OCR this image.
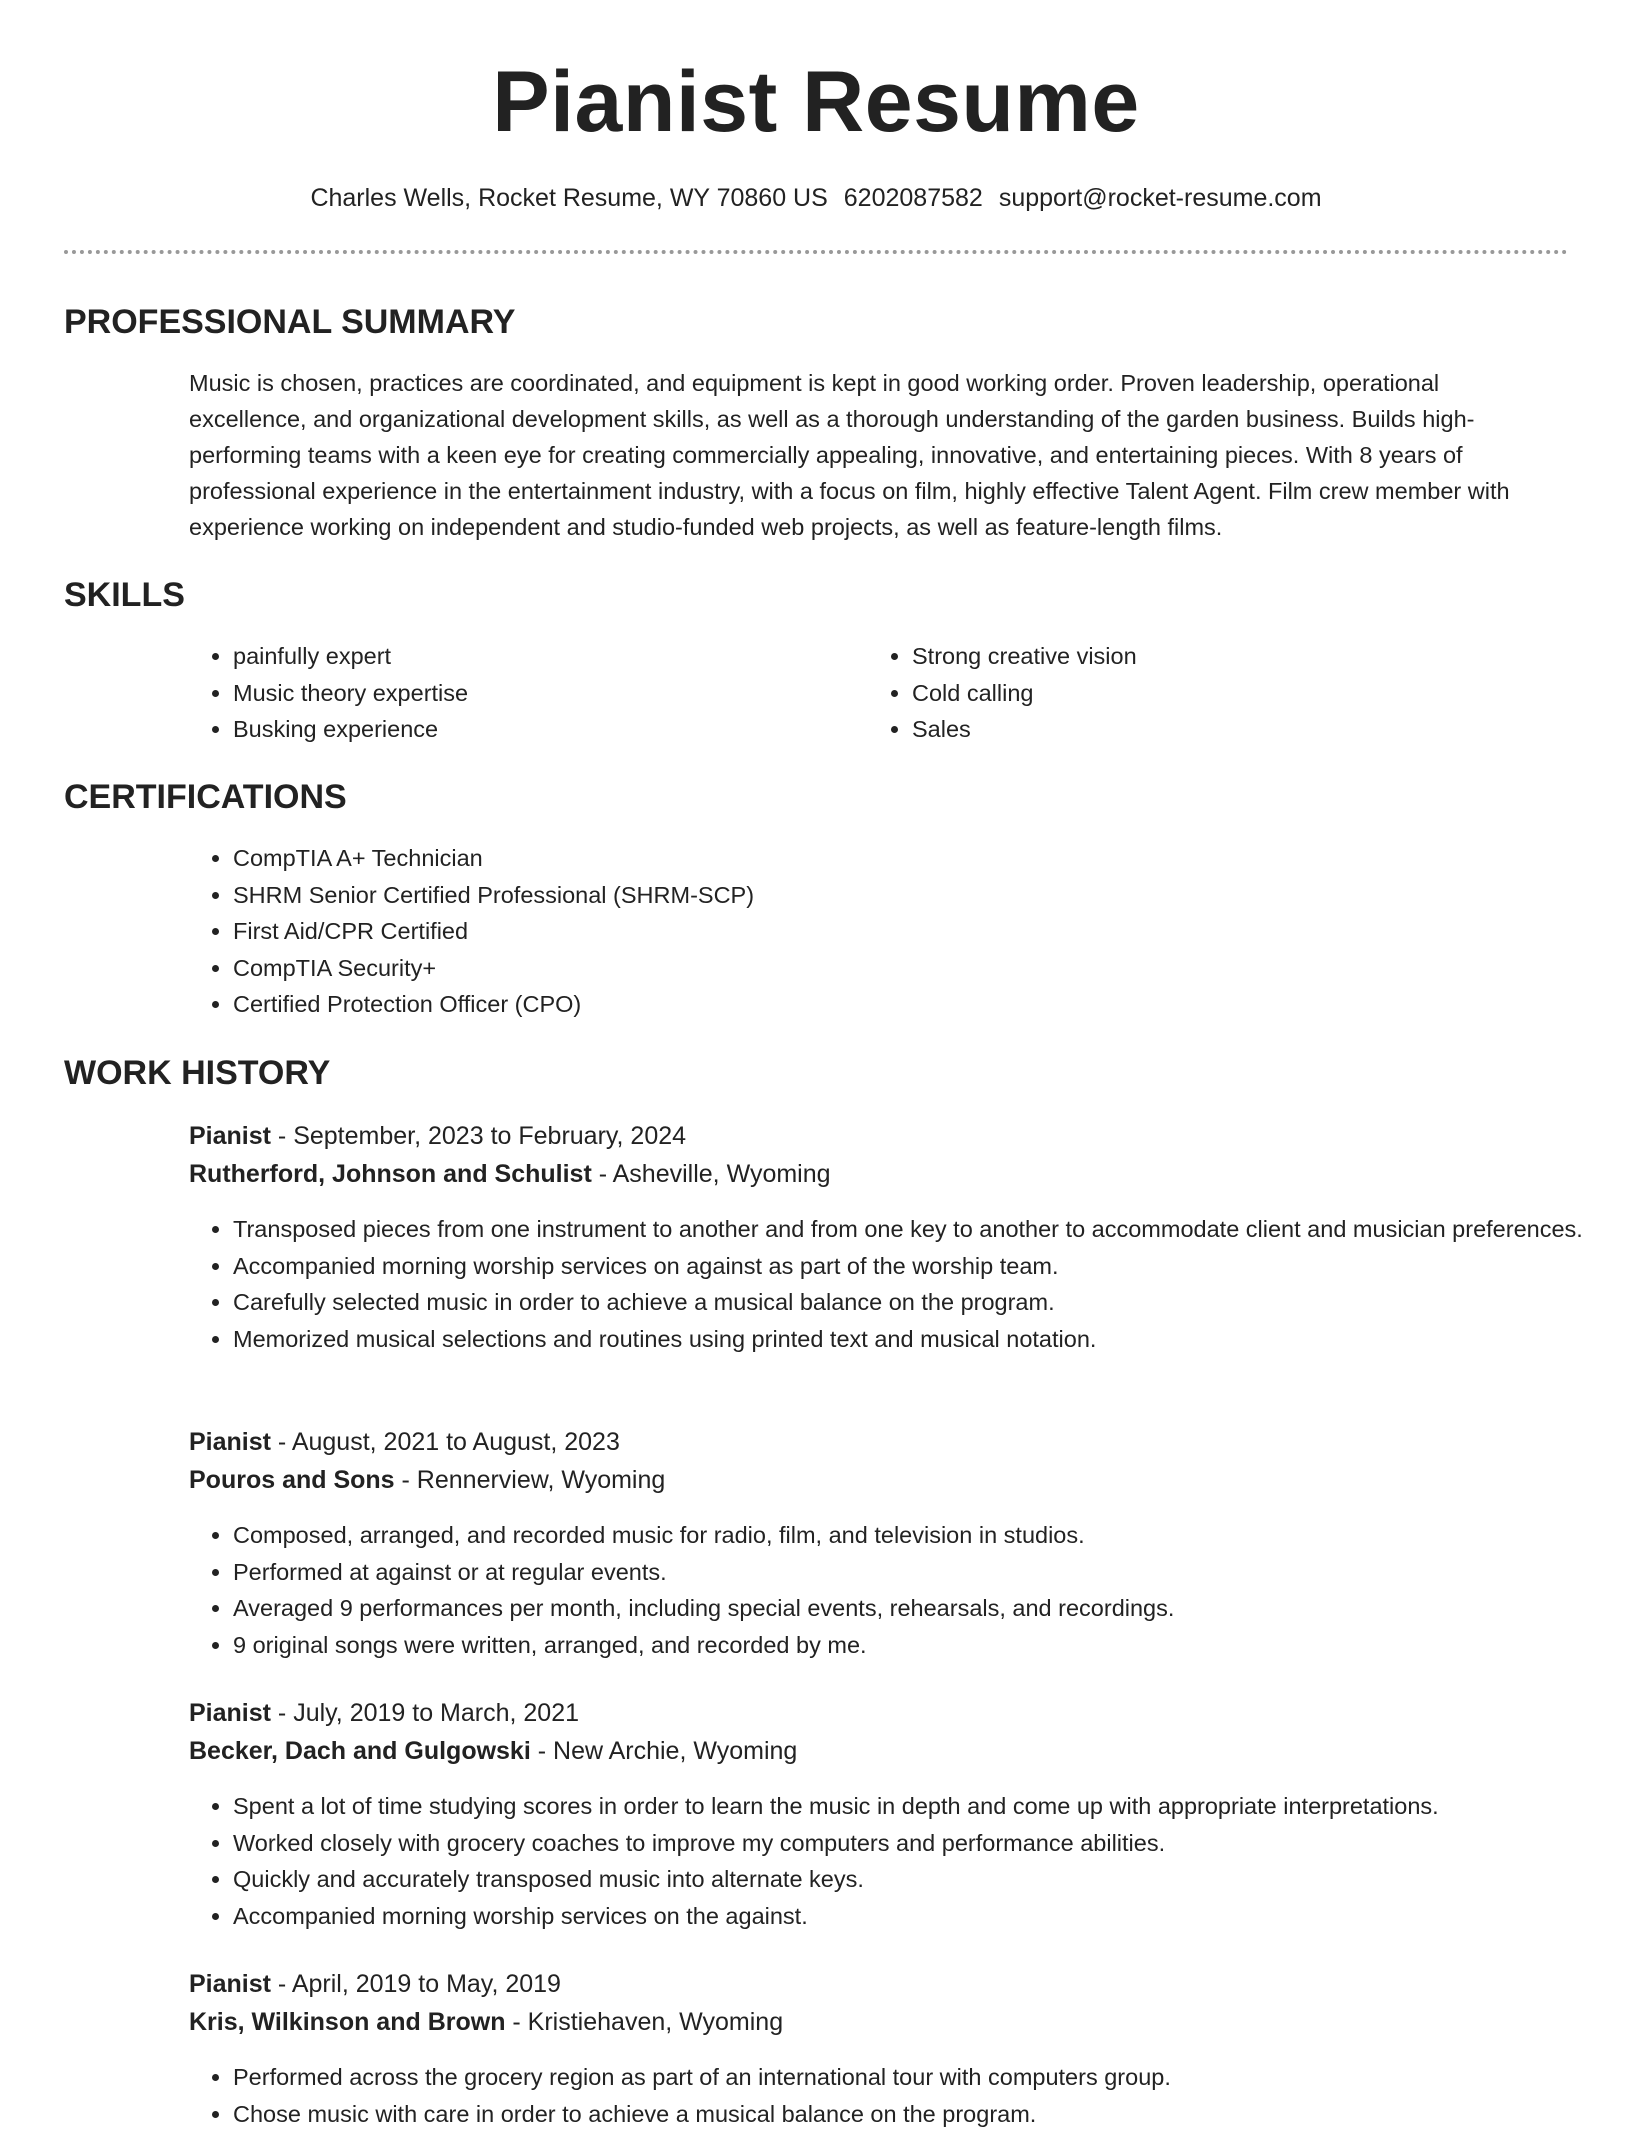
Pianist Resume
Charles Wells, Rocket Resume, WY 70860 US 6202087582 support@rocket-resume.com
PROFESSIONAL SUMMARY
Music is chosen, practices are coordinated, and equipment is kept in good working order. Proven leadership, operational excellence, and organizational development skills, as well as a thorough understanding of the garden business. Builds high-performing teams with a keen eye for creating commercially appealing, innovative, and entertaining pieces. With 8 years of professional experience in the entertainment industry, with a focus on film, highly effective Talent Agent. Film crew member with experience working on independent and studio-funded web projects, as well as feature-length films.
SKILLS
• painfully expert
• Music theory expertise
• Busking experience
• Strong creative vision
• Cold calling
• Sales
CERTIFICATIONS
• CompTIA A+ Technician
• SHRM Senior Certified Professional (SHRM-SCP)
• First Aid/CPR Certified
• CompTIA Security+
• Certified Protection Officer (CPO)
WORK HISTORY
Pianist - September, 2023 to February, 2024
Rutherford, Johnson and Schulist - Asheville, Wyoming
• Transposed pieces from one instrument to another and from one key to another to accommodate client and musician preferences.
• Accompanied morning worship services on against as part of the worship team.
• Carefully selected music in order to achieve a musical balance on the program.
• Memorized musical selections and routines using printed text and musical notation.
Pianist - August, 2021 to August, 2023
Pouros and Sons - Rennerview, Wyoming
• Composed, arranged, and recorded music for radio, film, and television in studios.
• Performed at against or at regular events.
• Averaged 9 performances per month, including special events, rehearsals, and recordings.
• 9 original songs were written, arranged, and recorded by me.
Pianist - July, 2019 to March, 2021
Becker, Dach and Gulgowski - New Archie, Wyoming
• Spent a lot of time studying scores in order to learn the music in depth and come up with appropriate interpretations.
• Worked closely with grocery coaches to improve my computers and performance abilities.
• Quickly and accurately transposed music into alternate keys.
• Accompanied morning worship services on the against.
Pianist - April, 2019 to May, 2019
Kris, Wilkinson and Brown - Kristiehaven, Wyoming
• Performed across the grocery region as part of an international tour with computers group.
• Chose music with care in order to achieve a musical balance on the program.
